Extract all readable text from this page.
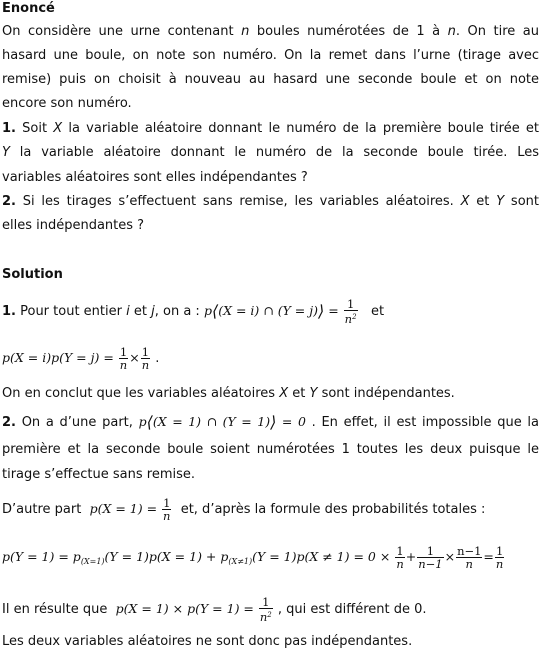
Enoncé
On considère une urne contenant n boules numérotées de 1 à n. On tire au
hasard une boule, on note son numéro. On la remet dans l’urne (tirage avec
remise) puis on choisit à nouveau au hasard une seconde boule et on note
encore son numéro.
1. Soit X la variable aléatoire donnant le numéro de la première boule tirée et
Y la variable aléatoire donnant le numéro de la seconde boule tirée. Les
variables aléatoires sont elles indépendantes ?
2. Si les tirages s’effectuent sans remise, les variables aléatoires. X et Y sont
elles indépendantes ?
Solution
1. Pour tout entier i et j, on a : p⟨(X = i) ∩ (Y = j)⟩ = $\frac{1}{n^2}$ et
$p(X = i)p(Y = j) = \frac{1}{n} \times \frac{1}{n}$ .
On en conclut que les variables aléatoires X et Y sont indépendantes.
2. On a d’une part, p⟨(X = 1) ∩ (Y = 1)⟩ = 0 . En effet, il est impossible que la
première et la seconde boule soient numérotées 1 toutes les deux puisque le
tirage s’effectue sans remise.
D’autre part  $p(X = 1) = \frac{1}{n}$ et, d’après la formule des probabilités totales :
$p(Y = 1) = p_{(X=1)}(Y = 1)p(X = 1) + p_{(X\ne 1)}(Y = 1)p(X \ne 1) = 0 \times \frac{1}{n} + \frac{1}{n-1} \times \frac{n-1}{n} = \frac{1}{n}$
Il en résulte que  $p(X = 1) \times p(Y = 1) = \frac{1}{n^2}$ , qui est différent de 0.
Les deux variables aléatoires ne sont donc pas indépendantes.
